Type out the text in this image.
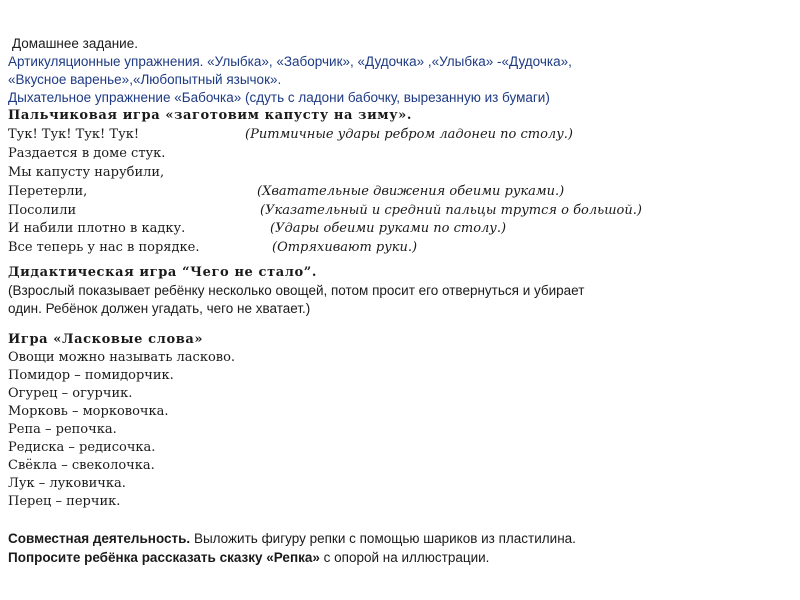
Домашнее задание.
Артикуляционные упражнения. «Улыбка», «Заборчик», «Дудочка» ,«Улыбка» -«Дудочка»,
«Вкусное варенье»,«Любопытный язычок».
Дыхательное упражнение «Бабочка» (сдуть с ладони бабочку, вырезанную из бумаги)
Пальчиковая игра «заготовим капусту на зиму».
Тук! Тук! Тук! Тук!	(Ритмичные удары ребром ладонеи по столу.)
Раздается в доме стук.
Мы капусту нарубили,
Перетерли,	(Хватательные движения обеими руками.)
Посолили	(Указательный и средний пальцы трутся о большой.)
И набили плотно в кадку.	(Удары обеими руками по столу.)
Все теперь у нас в порядке.	(Отряхивают руки.)
Дидактическая игра “Чего не стало”.
(Взрослый показывает ребёнку несколько овощей, потом просит его отвернуться и убирает
один. Ребёнок должен угадать, чего не хватает.)
Игра «Ласковые слова»
Овощи можно называть ласково.
Помидор – помидорчик.
Огурец – огурчик.
Морковь – морковочка.
Репа – репочка.
Редиска – редисочка.
Свёкла – свеколочка.
Лук – луковичка.
Перец – перчик.
Совместная деятельность. Выложить фигуру репки с помощью шариков из пластилина.
Попросите ребёнка рассказать сказку «Репка» с опорой на иллюстрации.
